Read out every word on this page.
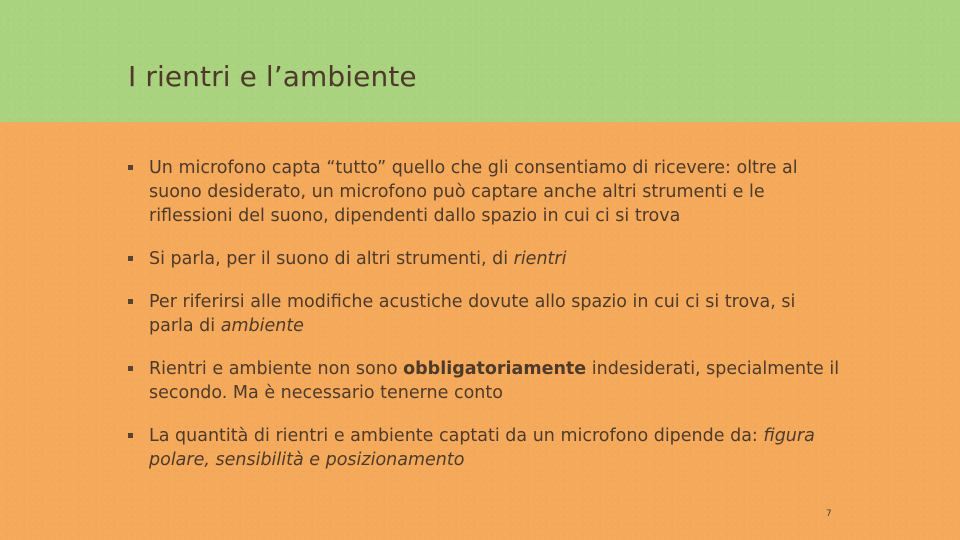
I rientri e l’ambiente
Un microfono capta “tutto” quello che gli consentiamo di ricevere: oltre al suono desiderato, un microfono può captare anche altri strumenti e le riflessioni del suono, dipendenti dallo spazio in cui ci si trova
Si parla, per il suono di altri strumenti, di rientri
Per riferirsi alle modifiche acustiche dovute allo spazio in cui ci si trova, si parla di ambiente
Rientri e ambiente non sono obbligatoriamente indesiderati, specialmente il secondo. Ma è necessario tenerne conto
La quantità di rientri e ambiente captati da un microfono dipende da: figura polare, sensibilità e posizionamento
7
